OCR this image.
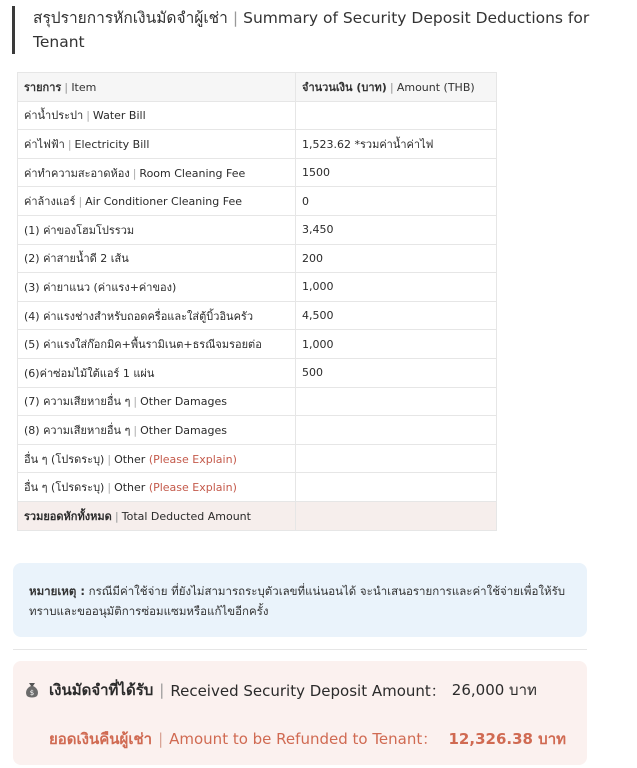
สรุปรายการหักเงินมัดจำผู้เช่า | Summary of Security Deposit Deductions for Tenant

รายการ | Item	จำนวนเงิน (บาท) | Amount (THB)
ค่าน้ำประปา | Water Bill	
ค่าไฟฟ้า | Electricity Bill	1,523.62 *รวมค่าน้ำค่าไฟ
ค่าทำความสะอาดห้อง | Room Cleaning Fee	1500
ค่าล้างแอร์ | Air Conditioner Cleaning Fee	0
(1) ค่าของโฮมโปรรวม	3,450
(2) ค่าสายน้ำดี 2 เส้น	200
(3) ค่ายาแนว (ค่าแรง+ค่าของ)	1,000
(4) ค่าแรงช่างสำหรับถอดครื่อและใส่ตู้บิ้วอินครัว	4,500
(5) ค่าแรงใส่ก๊อกมิค+พื้นรามิเนต+ธรณีจมรอยต่อ	1,000
(6)ค่าซ่อมไม้ใต้แอร์ 1 แผ่น	500
(7) ความเสียหายอื่น ๆ | Other Damages	
(8) ความเสียหายอื่น ๆ | Other Damages	
อื่น ๆ (โปรดระบุ) | Other (Please Explain)	
อื่น ๆ (โปรดระบุ) | Other (Please Explain)	
รวมยอดหักทั้งหมด | Total Deducted Amount	
หมายเหตุ : กรณีมีค่าใช้จ่าย ที่ยังไม่สามารถระบุตัวเลขที่แน่นอนได้ จะนำเสนอรายการและค่าใช้จ่ายเพื่อให้รับทราบและขออนุมัติการซ่อมแซมหรือแก้ไขอีกครั้ง
$ เงินมัดจำที่ได้รับ | Received Security Deposit Amount： 26,000 บาท
ยอดเงินคืนผู้เช่า | Amount to be Refunded to Tenant： 12,326.38 บาท
